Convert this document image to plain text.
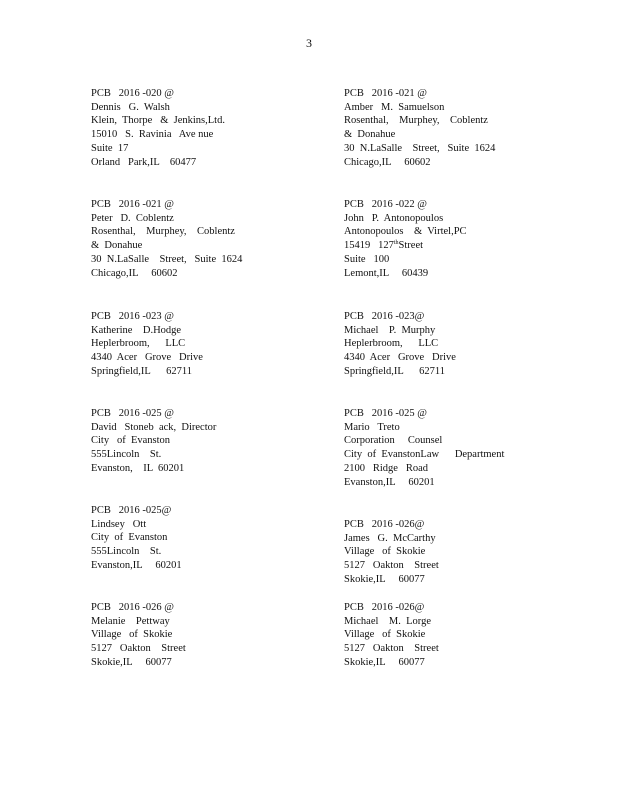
3
PCB   2016 -020 @
Dennis   G.  Walsh
Klein,  Thorpe   &  Jenkins,Ltd.
15010   S.  Ravinia   Ave nue
Suite  17
Orland   Park,IL    60477
PCB   2016 -021 @
Amber   M.  Samuelson
Rosenthal,    Murphey,    Coblentz
&  Donahue
30  N.LaSalle    Street,   Suite  1624
Chicago,IL     60602
PCB   2016 -021 @
Peter   D.  Coblentz
Rosenthal,    Murphey,    Coblentz
&  Donahue
30  N.LaSalle    Street,   Suite  1624
Chicago,IL     60602
PCB   2016 -022 @
John   P.  Antonopoulos
Antonopoulos    &  Virtel,PC
15419   127thStreet
Suite   100
Lemont,IL     60439
PCB   2016 -023 @
Katherine    D.Hodge
Heplerbroom,      LLC
4340  Acer   Grove   Drive
Springfield,IL      62711
PCB   2016 -023@
Michael    P.  Murphy
Heplerbroom,      LLC
4340  Acer   Grove   Drive
Springfield,IL      62711
PCB   2016 -025 @
David   Stoneb  ack,  Director
City   of  Evanston
555Lincoln    St.
Evanston,    IL  60201
PCB   2016 -025 @
Mario   Treto
Corporation     Counsel
City  of  EvanstonLaw      Department
2100   Ridge   Road
Evanston,IL     60201
PCB   2016 -025@
Lindsey   Ott
City  of  Evanston
555Lincoln    St.
Evanston,IL     60201
PCB   2016 -026@
James   G.  McCarthy
Village   of  Skokie
5127   Oakton    Street
Skokie,IL     60077
PCB   2016 -026 @
Melanie    Pettway
Village   of  Skokie
5127   Oakton    Street
Skokie,IL     60077
PCB   2016 -026@
Michael    M.  Lorge
Village   of  Skokie
5127   Oakton    Street
Skokie,IL     60077
